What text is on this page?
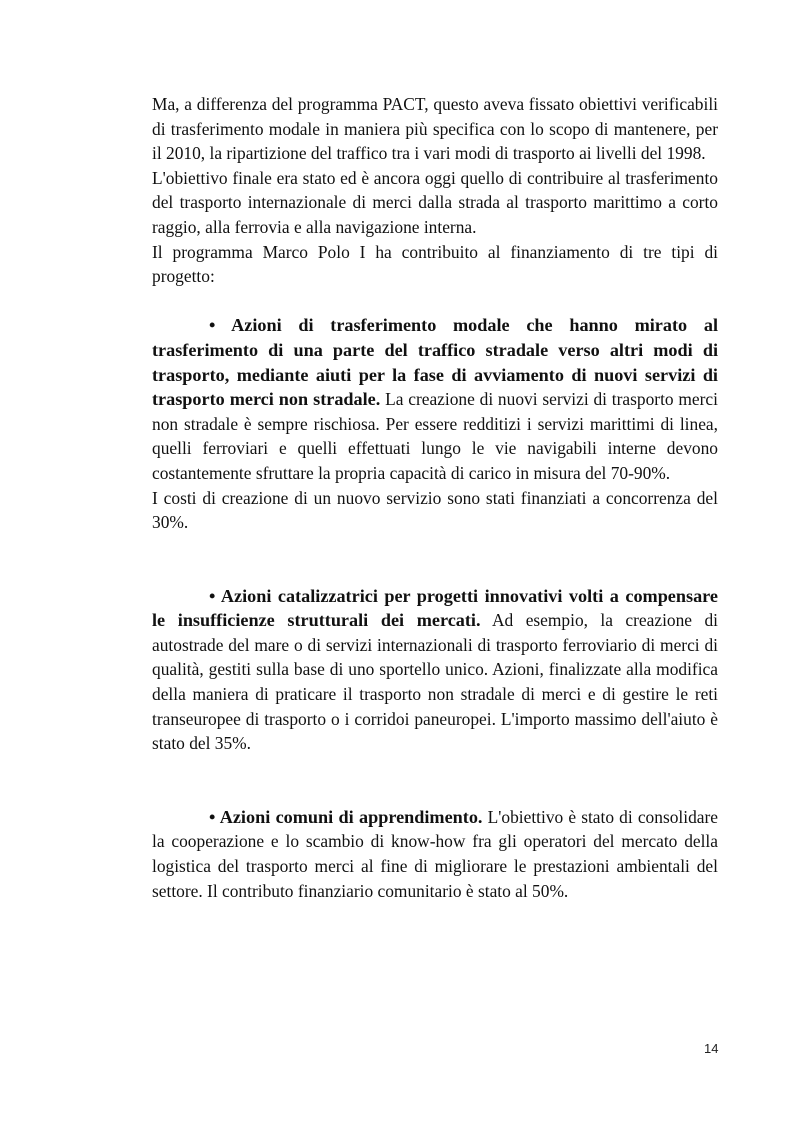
Ma, a differenza del programma PACT, questo aveva fissato obiettivi verificabili di trasferimento modale in maniera più specifica con lo scopo di mantenere, per il 2010, la ripartizione del traffico tra i vari modi di trasporto ai livelli del 1998.

L'obiettivo finale era stato ed è ancora oggi quello di contribuire al trasferimento del trasporto internazionale di merci dalla strada al trasporto marittimo a corto raggio, alla ferrovia e alla navigazione interna.

Il programma Marco Polo I ha contribuito al finanziamento di tre tipi di progetto:

• Azioni di trasferimento modale che hanno mirato al trasferimento di una parte del traffico stradale verso altri modi di trasporto, mediante aiuti per la fase di avviamento di nuovi servizi di trasporto merci non stradale. La creazione di nuovi servizi di trasporto merci non stradale è sempre rischiosa. Per essere redditizi i servizi marittimi di linea, quelli ferroviari e quelli effettuati lungo le vie navigabili interne devono costantemente sfruttare la propria capacità di carico in misura del 70-90%.

I costi di creazione di un nuovo servizio sono stati finanziati a concorrenza del 30%.

• Azioni catalizzatrici per progetti innovativi volti a compensare le insufficienze strutturali dei mercati. Ad esempio, la creazione di autostrade del mare o di servizi internazionali di trasporto ferroviario di merci di qualità, gestiti sulla base di uno sportello unico. Azioni, finalizzate alla modifica della maniera di praticare il trasporto non stradale di merci e di gestire le reti transeuropee di trasporto o i corridoi paneuropei. L'importo massimo dell'aiuto è stato del 35%.

• Azioni comuni di apprendimento. L'obiettivo è stato di consolidare la cooperazione e lo scambio di know-how fra gli operatori del mercato della logistica del trasporto merci al fine di migliorare le prestazioni ambientali del settore. Il contributo finanziario comunitario è stato al 50%.

14
